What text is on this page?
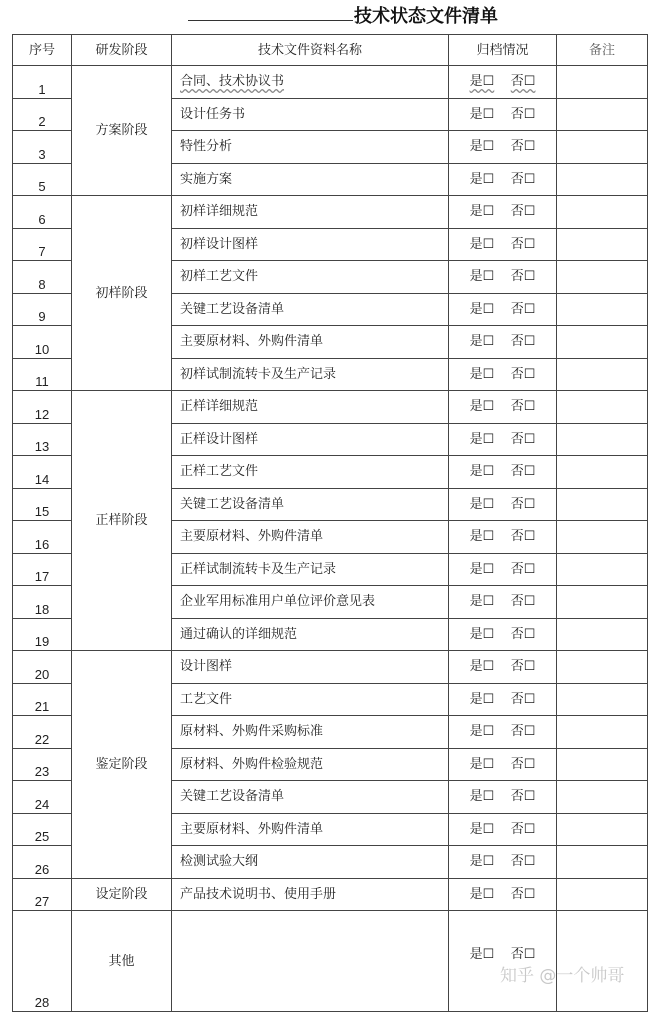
技术状态文件清单
序号	研发阶段	技术文件资料名称	归档情况	备注
1	方案阶段	合同、技术协议书	是☐ 否☐	
2		设计任务书	是☐ 否☐	
3		特性分析	是☐ 否☐	
5		实施方案	是☐ 否☐	
6	初样阶段	初样详细规范	是☐ 否☐	
7		初样设计图样	是☐ 否☐	
8		初样工艺文件	是☐ 否☐	
9		关键工艺设备清单	是☐ 否☐	
10		主要原材料、外购件清单	是☐ 否☐	
11		初样试制流转卡及生产记录	是☐ 否☐	
12	正样阶段	正样详细规范	是☐ 否☐	
13		正样设计图样	是☐ 否☐	
14		正样工艺文件	是☐ 否☐	
15		关键工艺设备清单	是☐ 否☐	
16		主要原材料、外购件清单	是☐ 否☐	
17		正样试制流转卡及生产记录	是☐ 否☐	
18		企业军用标准用户单位评价意见表	是☐ 否☐	
19		通过确认的详细规范	是☐ 否☐	
20	鉴定阶段	设计图样	是☐ 否☐	
21		工艺文件	是☐ 否☐	
22		原材料、外购件采购标准	是☐ 否☐	
23		原材料、外购件检验规范	是☐ 否☐	
24		关键工艺设备清单	是☐ 否☐	
25		主要原材料、外购件清单	是☐ 否☐	
26		检测试验大纲	是☐ 否☐	
27	设定阶段	产品技术说明书、使用手册	是☐ 否☐	
28	其他		是☐ 否☐	
知乎 @一个帅哥
